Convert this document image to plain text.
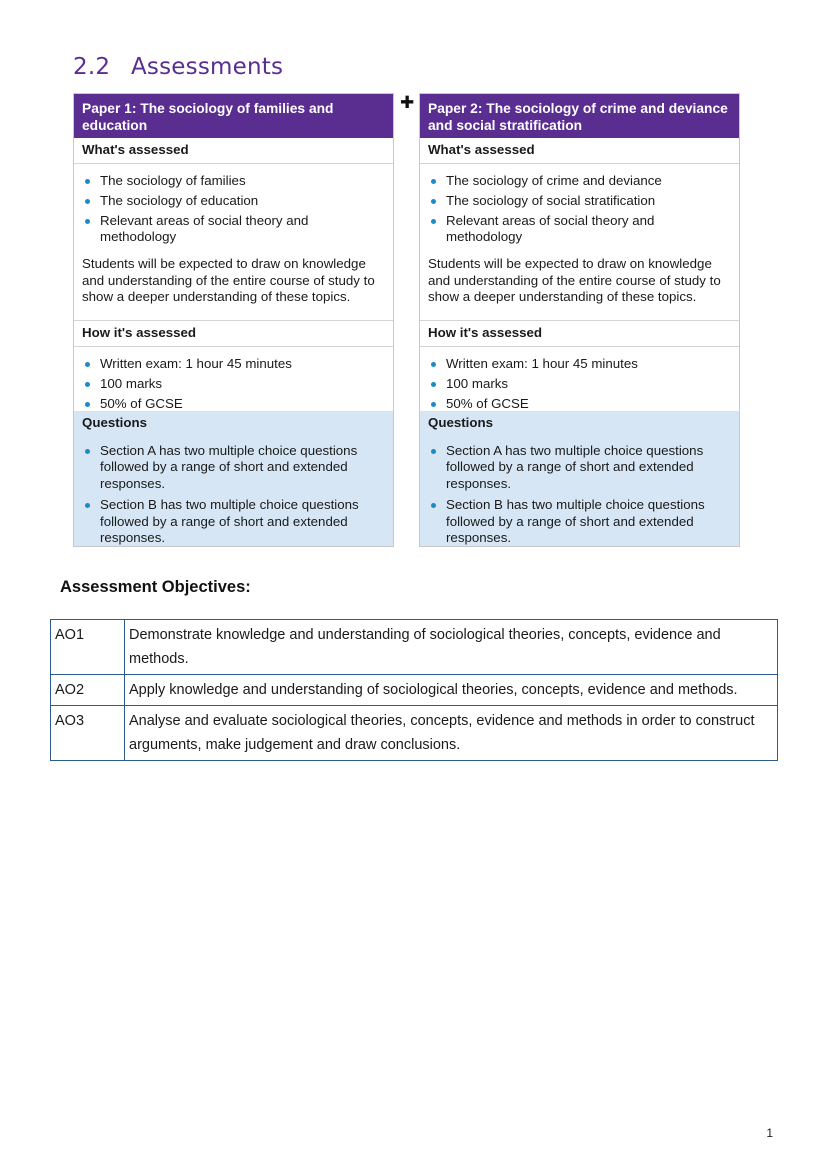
2.2 Assessments
Paper 1: The sociology of families and education
What's assessed
The sociology of families
The sociology of education
Relevant areas of social theory and methodology
Students will be expected to draw on knowledge and understanding of the entire course of study to show a deeper understanding of these topics.
How it's assessed
Written exam: 1 hour 45 minutes
100 marks
50% of GCSE
Questions
Section A has two multiple choice questions followed by a range of short and extended responses.
Section B has two multiple choice questions followed by a range of short and extended responses.
✚ Paper 2: The sociology of crime and deviance and social stratification
What's assessed
The sociology of crime and deviance
The sociology of social stratification
Relevant areas of social theory and methodology
Students will be expected to draw on knowledge and understanding of the entire course of study to show a deeper understanding of these topics.
How it's assessed
Written exam: 1 hour 45 minutes
100 marks
50% of GCSE
Questions
Section A has two multiple choice questions followed by a range of short and extended responses.
Section B has two multiple choice questions followed by a range of short and extended responses.
Assessment Objectives:
AO1	Demonstrate knowledge and understanding of sociological theories, concepts, evidence and methods.
AO2	Apply knowledge and understanding of sociological theories, concepts, evidence and methods.
AO3	Analyse and evaluate sociological theories, concepts, evidence and methods in order to construct arguments, make judgement and draw conclusions.
1
